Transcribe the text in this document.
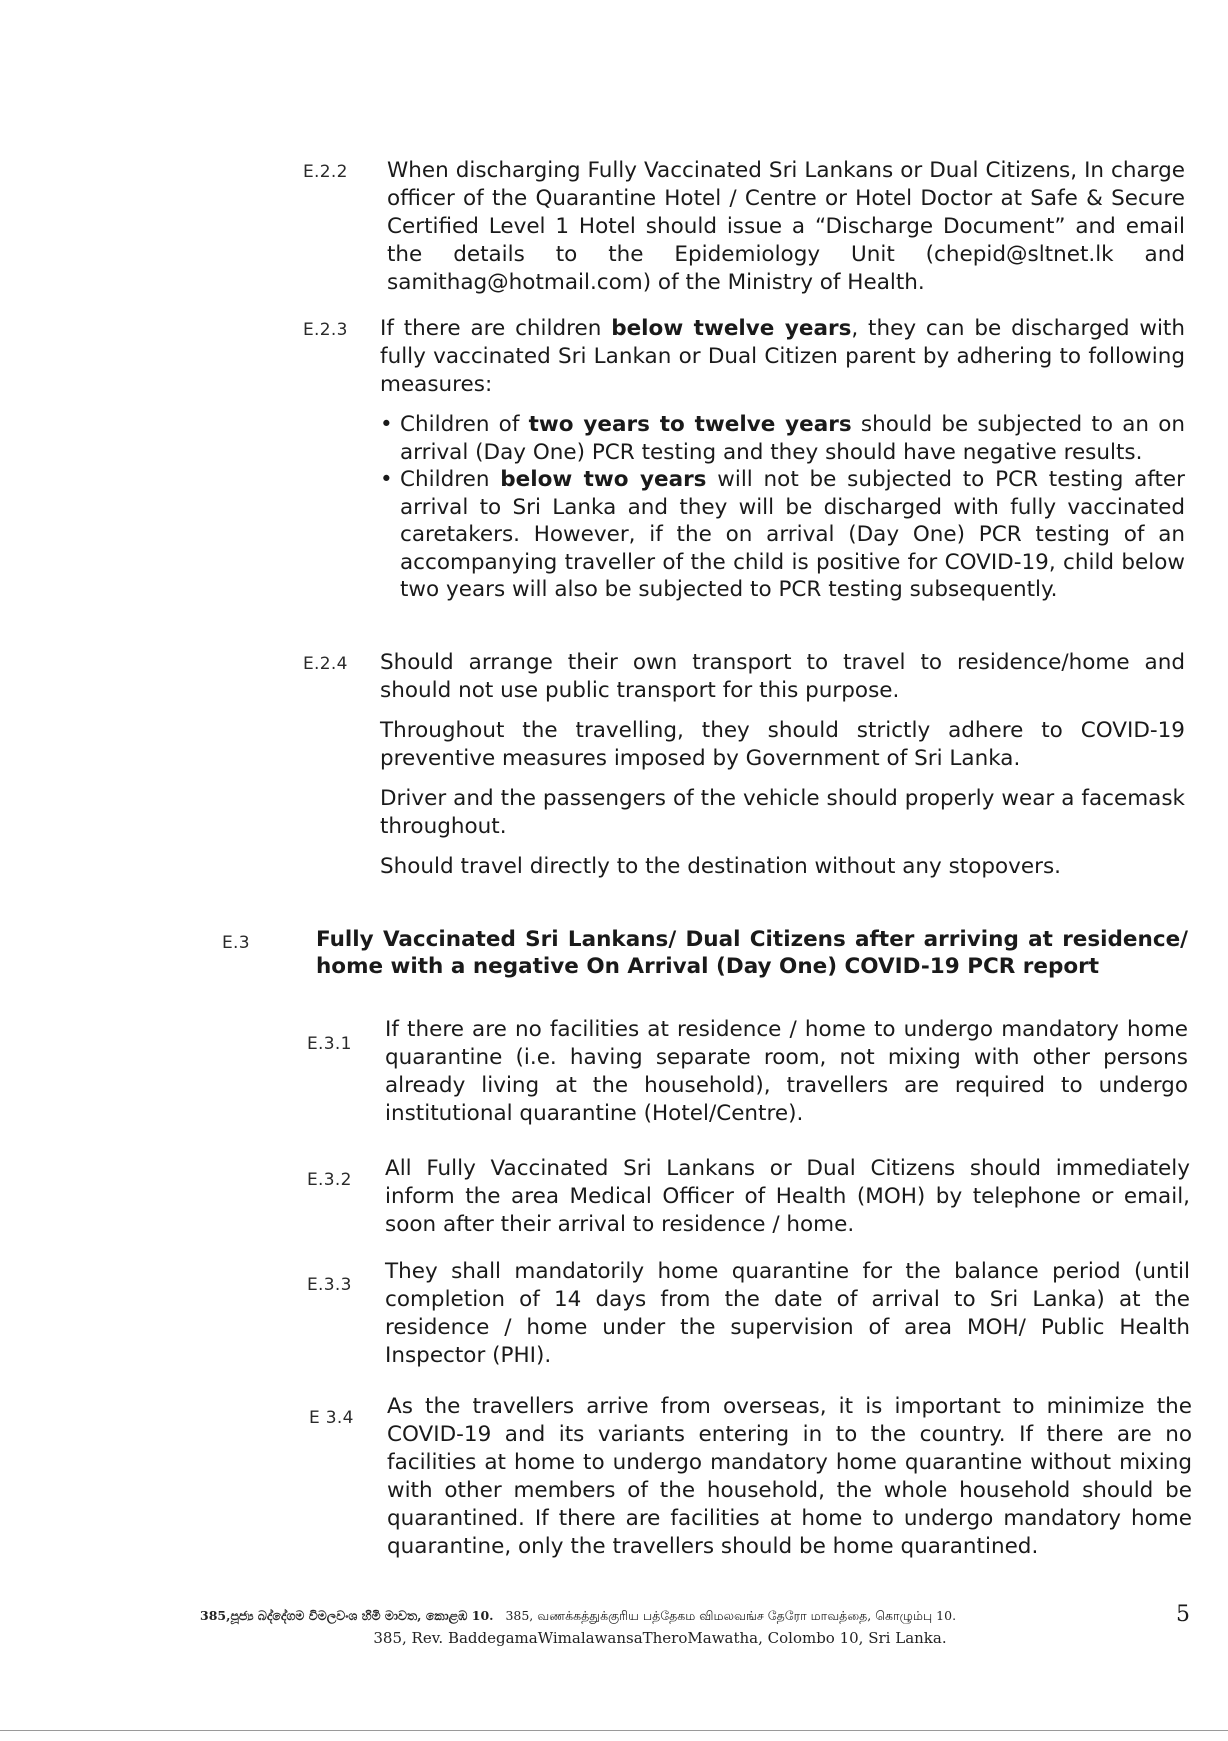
E.2.2 When discharging Fully Vaccinated Sri Lankans or Dual Citizens, In charge officer of the Quarantine Hotel / Centre or Hotel Doctor at Safe & Secure Certified Level 1 Hotel should issue a “Discharge Document” and email the details to the Epidemiology Unit (chepid@sltnet.lk and samithag@hotmail.com) of the Ministry of Health.
E.2.3 If there are children below twelve years, they can be discharged with fully vaccinated Sri Lankan or Dual Citizen parent by adhering to following measures:
• Children of two years to twelve years should be subjected to an on arrival (Day One) PCR testing and they should have negative results.
• Children below two years will not be subjected to PCR testing after arrival to Sri Lanka and they will be discharged with fully vaccinated caretakers. However, if the on arrival (Day One) PCR testing of an accompanying traveller of the child is positive for COVID-19, child below two years will also be subjected to PCR testing subsequently.
E.2.4 Should arrange their own transport to travel to residence/home and should not use public transport for this purpose.
Throughout the travelling, they should strictly adhere to COVID-19 preventive measures imposed by Government of Sri Lanka.
Driver and the passengers of the vehicle should properly wear a facemask throughout.
Should travel directly to the destination without any stopovers.
E.3	Fully Vaccinated Sri Lankans/ Dual Citizens after arriving at residence/ home with a negative On Arrival (Day One) COVID-19 PCR report
E.3.1
If there are no facilities at residence / home to undergo mandatory home quarantine (i.e. having separate room, not mixing with other persons already living at the household), travellers are required to undergo institutional quarantine (Hotel/Centre).
E.3.2 All Fully Vaccinated Sri Lankans or Dual Citizens should immediately inform the area Medical Officer of Health (MOH) by telephone or email, soon after their arrival to residence / home.
E.3.3
They shall mandatorily home quarantine for the balance period (until completion of 14 days from the date of arrival to Sri Lanka) at the residence / home under the supervision of area MOH/ Public Health Inspector (PHI).
E 3.4 As the travellers arrive from overseas, it is important to minimize the COVID-19 and its variants entering in to the country. If there are no facilities at home to undergo mandatory home quarantine without mixing with other members of the household, the whole household should be quarantined. If there are facilities at home to undergo mandatory home quarantine, only the travellers should be home quarantined.
385,පූජ්‍ය බද්දේගම විමලවංශ හිමි මාවත, කොළඹ 10. 385, வணக்கத்துக்குரிய பத்தேகம விமலவங்ச தேரோ மாவத்தை, கொழும்பு 10.
385, Rev. BaddegamaWimalawansaTheroMawatha, Colombo 10, Sri Lanka.
5
